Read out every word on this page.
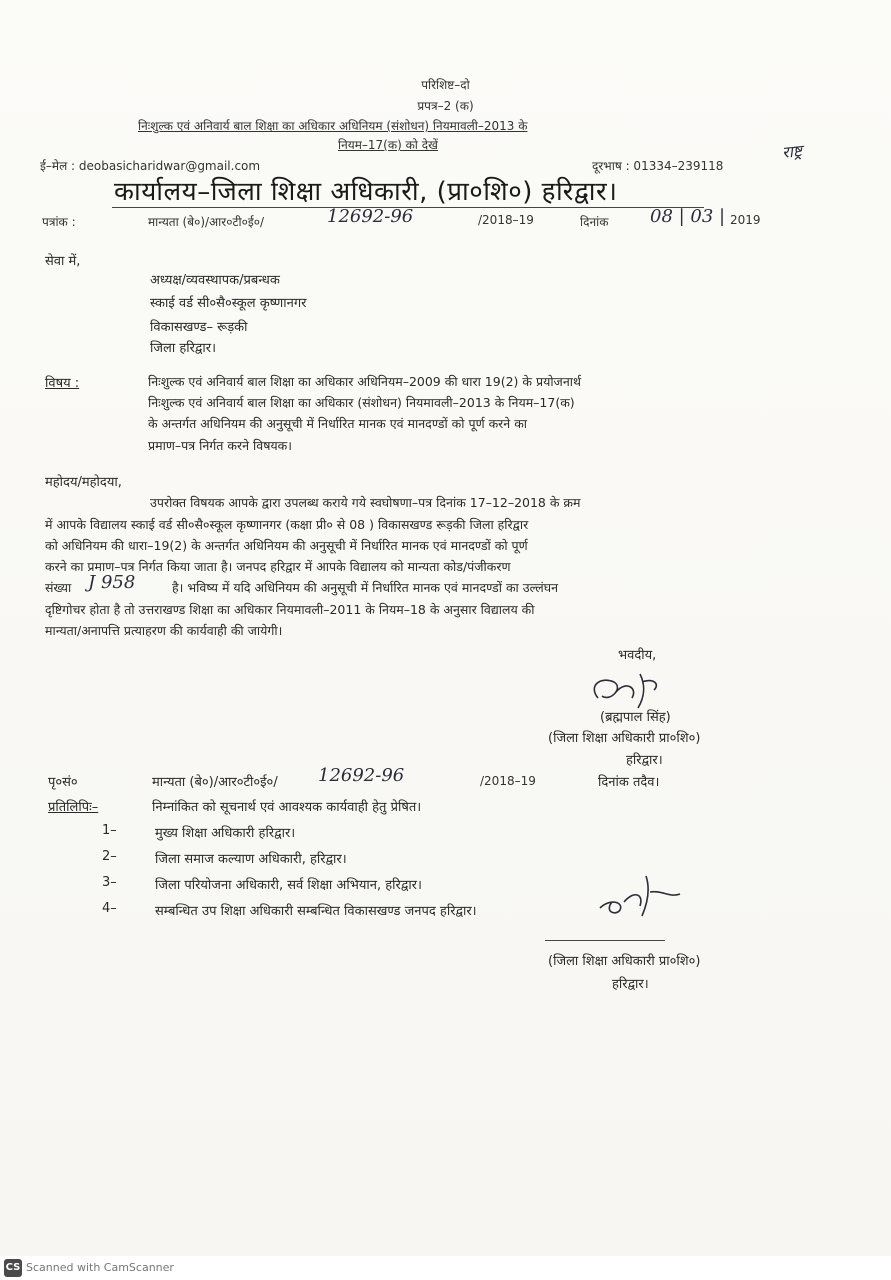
परिशिष्ट–दो
प्रपत्र–2 (क)
निःशुल्क एवं अनिवार्य बाल शिक्षा का अधिकार अधिनियम (संशोधन) नियमावली–2013 के
नियम–17(क) को देखें
ई–मेल : deobasicharidwar@gmail.com	दूरभाष : 01334–239118
राष्ट्र
कार्यालय–जिला शिक्षा अधिकारी, (प्रा०शि०) हरिद्वार।
पत्रांक :	मान्यता (बे०)/आर०टी०ई०/	12692-96	/2018–19	दिनांक 08 | 03 | 2019
सेवा में,
अध्यक्ष/व्यवस्थापक/प्रबन्धक
स्काई वर्ड सी०सै०स्कूल कृष्णानगर
विकासखण्ड– रूड़की
जिला हरिद्वार।
विषय :	निःशुल्क एवं अनिवार्य बाल शिक्षा का अधिकार अधिनियम–2009 की धारा 19(2) के प्रयोजनार्थ
निःशुल्क एवं अनिवार्य बाल शिक्षा का अधिकार (संशोधन) नियमावली–2013 के नियम–17(क)
के अन्तर्गत अधिनियम की अनुसूची में निर्धारित मानक एवं मानदण्डों को पूर्ण करने का
प्रमाण–पत्र निर्गत करने विषयक।
महोदय/महोदया,
उपरोक्त विषयक आपके द्वारा उपलब्ध कराये गये स्वघोषणा–पत्र दिनांक 17–12–2018 के क्रम
में आपके विद्यालय स्काई वर्ड सी०सै०स्कूल कृष्णानगर (कक्षा प्री० से 08 ) विकासखण्ड रूड़की जिला हरिद्वार
को अधिनियम की धारा–19(2) के अन्तर्गत अधिनियम की अनुसूची में निर्धारित मानक एवं मानदण्डों को पूर्ण
करने का प्रमाण–पत्र निर्गत किया जाता है। जनपद हरिद्वार में आपके विद्यालय को मान्यता कोड/पंजीकरण
संख्या J 958	है। भविष्य में यदि अधिनियम की अनुसूची में निर्धारित मानक एवं मानदण्डों का उल्लंघन
दृष्टिगोचर होता है तो उत्तराखण्ड शिक्षा का अधिकार नियमावली–2011 के नियम–18 के अनुसार विद्यालय की
मान्यता/अनापत्ति प्रत्याहरण की कार्यवाही की जायेगी।
भवदीय,
(ब्रह्मपाल सिंह)
(जिला शिक्षा अधिकारी प्रा०शि०)
हरिद्वार।
पृ०सं०	मान्यता (बे०)/आर०टी०ई०/ 12692-96	/2018–19	दिनांक तदैव।
प्रतिलिपिः–	निम्नांकित को सूचनार्थ एवं आवश्यक कार्यवाही हेतु प्रेषित।
1–	मुख्य शिक्षा अधिकारी हरिद्वार।
2–	जिला समाज कल्याण अधिकारी, हरिद्वार।
3–	जिला परियोजना अधिकारी, सर्व शिक्षा अभियान, हरिद्वार।
4–	सम्बन्धित उप शिक्षा अधिकारी सम्बन्धित विकासखण्ड जनपद हरिद्वार।
(जिला शिक्षा अधिकारी प्रा०शि०)
हरिद्वार।
CS Scanned with CamScanner
